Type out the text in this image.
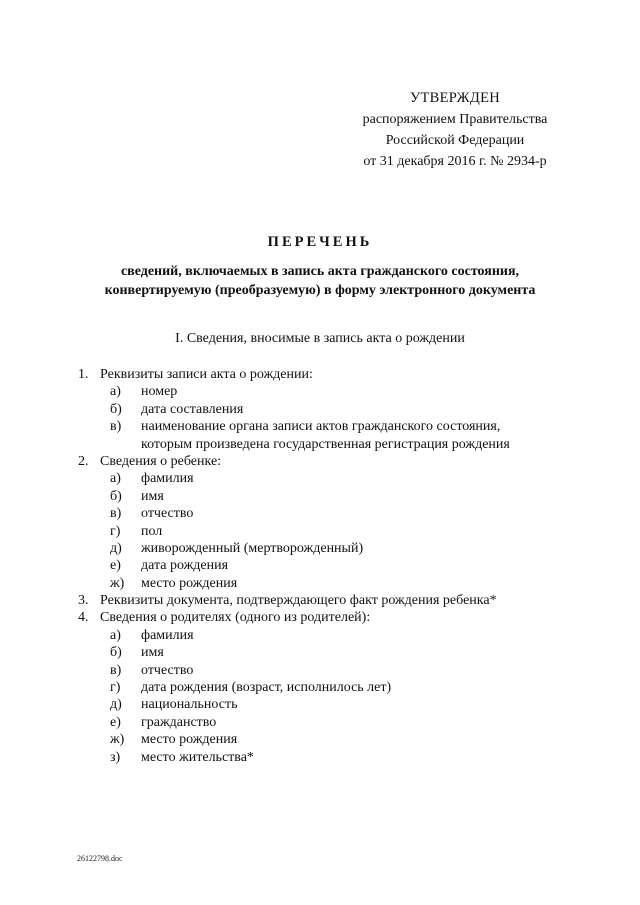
УТВЕРЖДЕН
распоряжением Правительства
Российской Федерации
от 31 декабря 2016 г. № 2934-р
ПЕРЕЧЕНЬ
сведений, включаемых в запись акта гражданского состояния,
конвертируемую (преобразуемую) в форму электронного документа
I. Сведения, вносимые в запись акта о рождении
1. Реквизиты записи акта о рождении:
а) номер
б) дата составления
в) наименование органа записи актов гражданского состояния,
которым произведена государственная регистрация рождения
2. Сведения о ребенке:
а) фамилия
б) имя
в) отчество
г) пол
д) живорожденный (мертворожденный)
е) дата рождения
ж) место рождения
3. Реквизиты документа, подтверждающего факт рождения ребенка*
4. Сведения о родителях (одного из родителей):
а) фамилия
б) имя
в) отчество
г) дата рождения (возраст, исполнилось лет)
д) национальность
е) гражданство
ж) место рождения
з) место жительства*
26122798.doc
